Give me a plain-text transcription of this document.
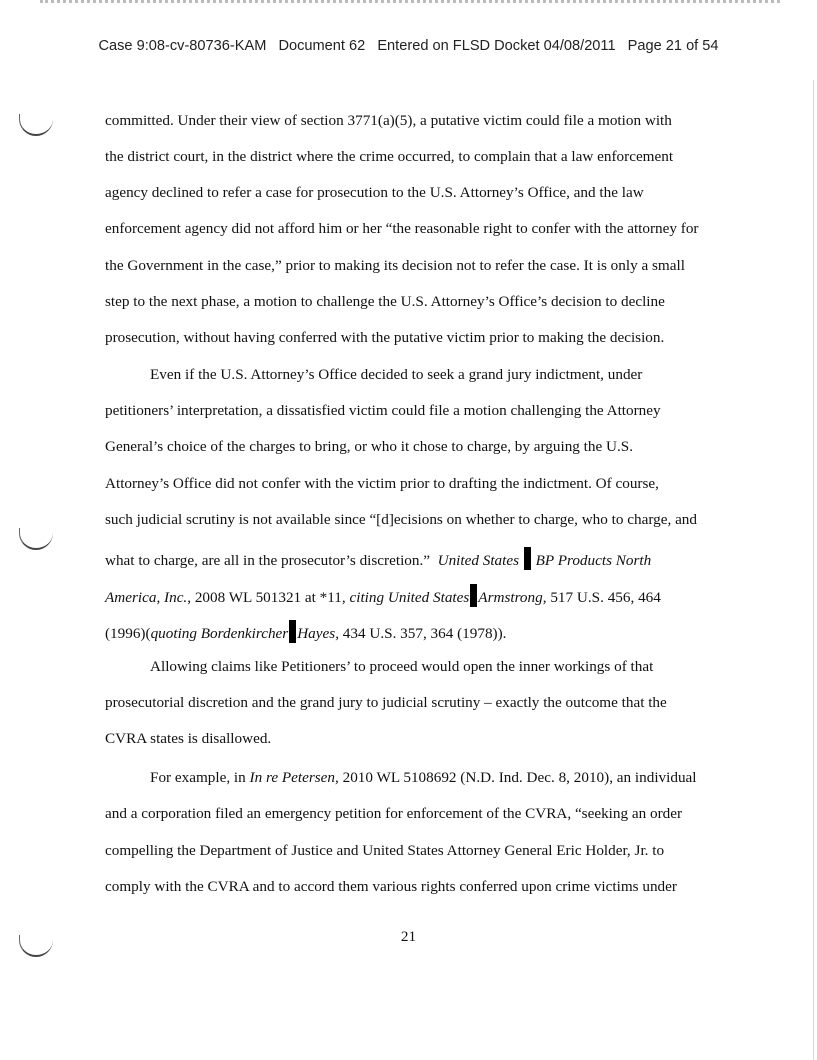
Case 9:08-cv-80736-KAM Document 62 Entered on FLSD Docket 04/08/2011 Page 21 of 54
committed. Under their view of section 3771(a)(5), a putative victim could file a motion with
the district court, in the district where the crime occurred, to complain that a law enforcement
agency declined to refer a case for prosecution to the U.S. Attorney’s Office, and the law
enforcement agency did not afford him or her “the reasonable right to confer with the attorney for
the Government in the case,” prior to making its decision not to refer the case. It is only a small
step to the next phase, a motion to challenge the U.S. Attorney’s Office’s decision to decline
prosecution, without having conferred with the putative victim prior to making the decision.
Even if the U.S. Attorney’s Office decided to seek a grand jury indictment, under
petitioners’ interpretation, a dissatisfied victim could file a motion challenging the Attorney
General’s choice of the charges to bring, or who it chose to charge, by arguing the U.S.
Attorney’s Office did not confer with the victim prior to drafting the indictment. Of course,
such judicial scrutiny is not available since “[d]ecisions on whether to charge, who to charge, and
what to charge, are all in the prosecutor’s discretion.” United States BP Products North
America, Inc., 2008 WL 501321 at *11, citing United States Armstrong, 517 U.S. 456, 464
(1996)(quoting Bordenkircher Hayes, 434 U.S. 357, 364 (1978)).
Allowing claims like Petitioners’ to proceed would open the inner workings of that
prosecutorial discretion and the grand jury to judicial scrutiny – exactly the outcome that the
CVRA states is disallowed.
For example, in In re Petersen, 2010 WL 5108692 (N.D. Ind. Dec. 8, 2010), an individual
and a corporation filed an emergency petition for enforcement of the CVRA, “seeking an order
compelling the Department of Justice and United States Attorney General Eric Holder, Jr. to
comply with the CVRA and to accord them various rights conferred upon crime victims under
21
